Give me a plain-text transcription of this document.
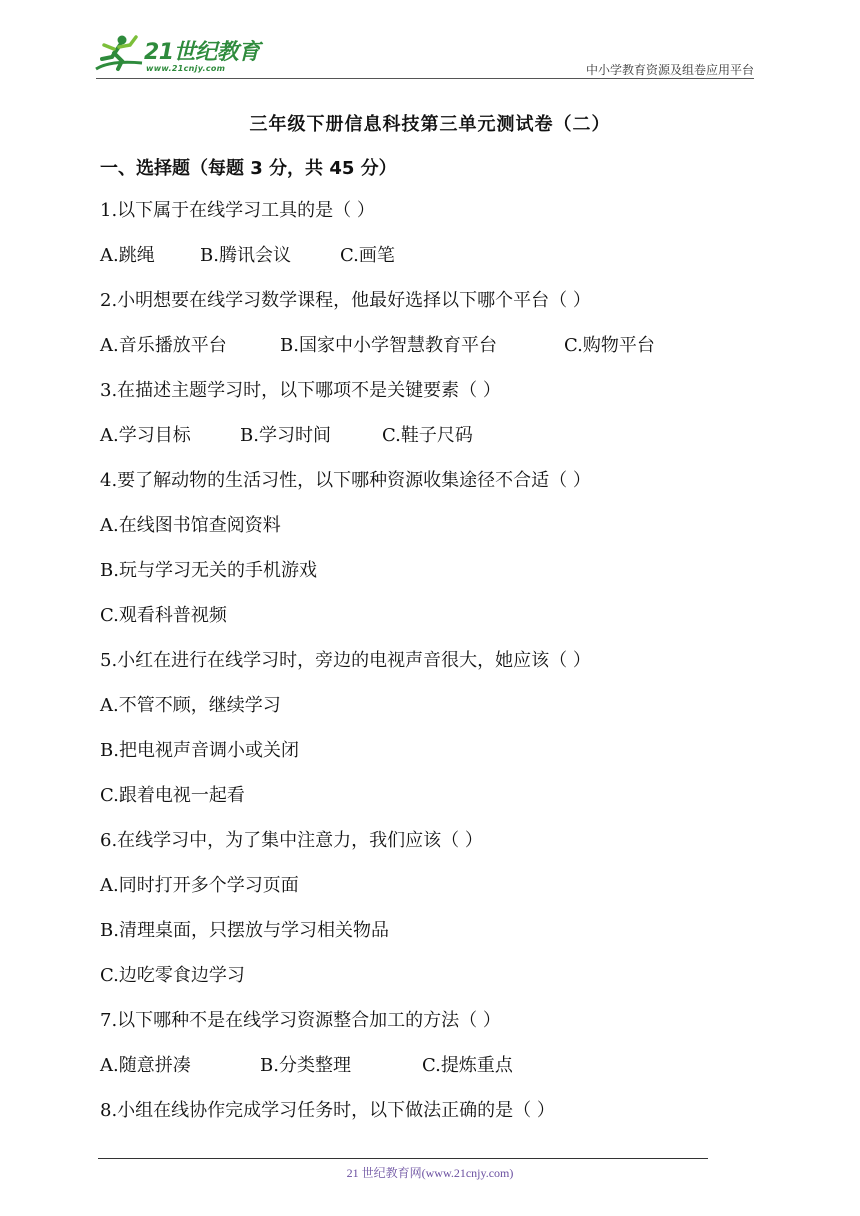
21世纪教育
www.21cnjy.com	中小学教育资源及组卷应用平台
三年级下册信息科技第三单元测试卷（二）
一、选择题（每题 3 分，共 45 分）
1.以下属于在线学习工具的是（ ）
A.跳绳	B.腾讯会议	C.画笔
2.小明想要在线学习数学课程，他最好选择以下哪个平台（ ）
A.音乐播放平台	B.国家中小学智慧教育平台	C.购物平台
3.在描述主题学习时，以下哪项不是关键要素（ ）
A.学习目标	B.学习时间	C.鞋子尺码
4.要了解动物的生活习性，以下哪种资源收集途径不合适（ ）
A.在线图书馆查阅资料
B.玩与学习无关的手机游戏
C.观看科普视频
5.小红在进行在线学习时，旁边的电视声音很大，她应该（ ）
A.不管不顾，继续学习
B.把电视声音调小或关闭
C.跟着电视一起看
6.在线学习中，为了集中注意力，我们应该（ ）
A.同时打开多个学习页面
B.清理桌面，只摆放与学习相关物品
C.边吃零食边学习
7.以下哪种不是在线学习资源整合加工的方法（ ）
A.随意拼凑	B.分类整理	C.提炼重点
8.小组在线协作完成学习任务时，以下做法正确的是（ ）
21 世纪教育网(www.21cnjy.com)
